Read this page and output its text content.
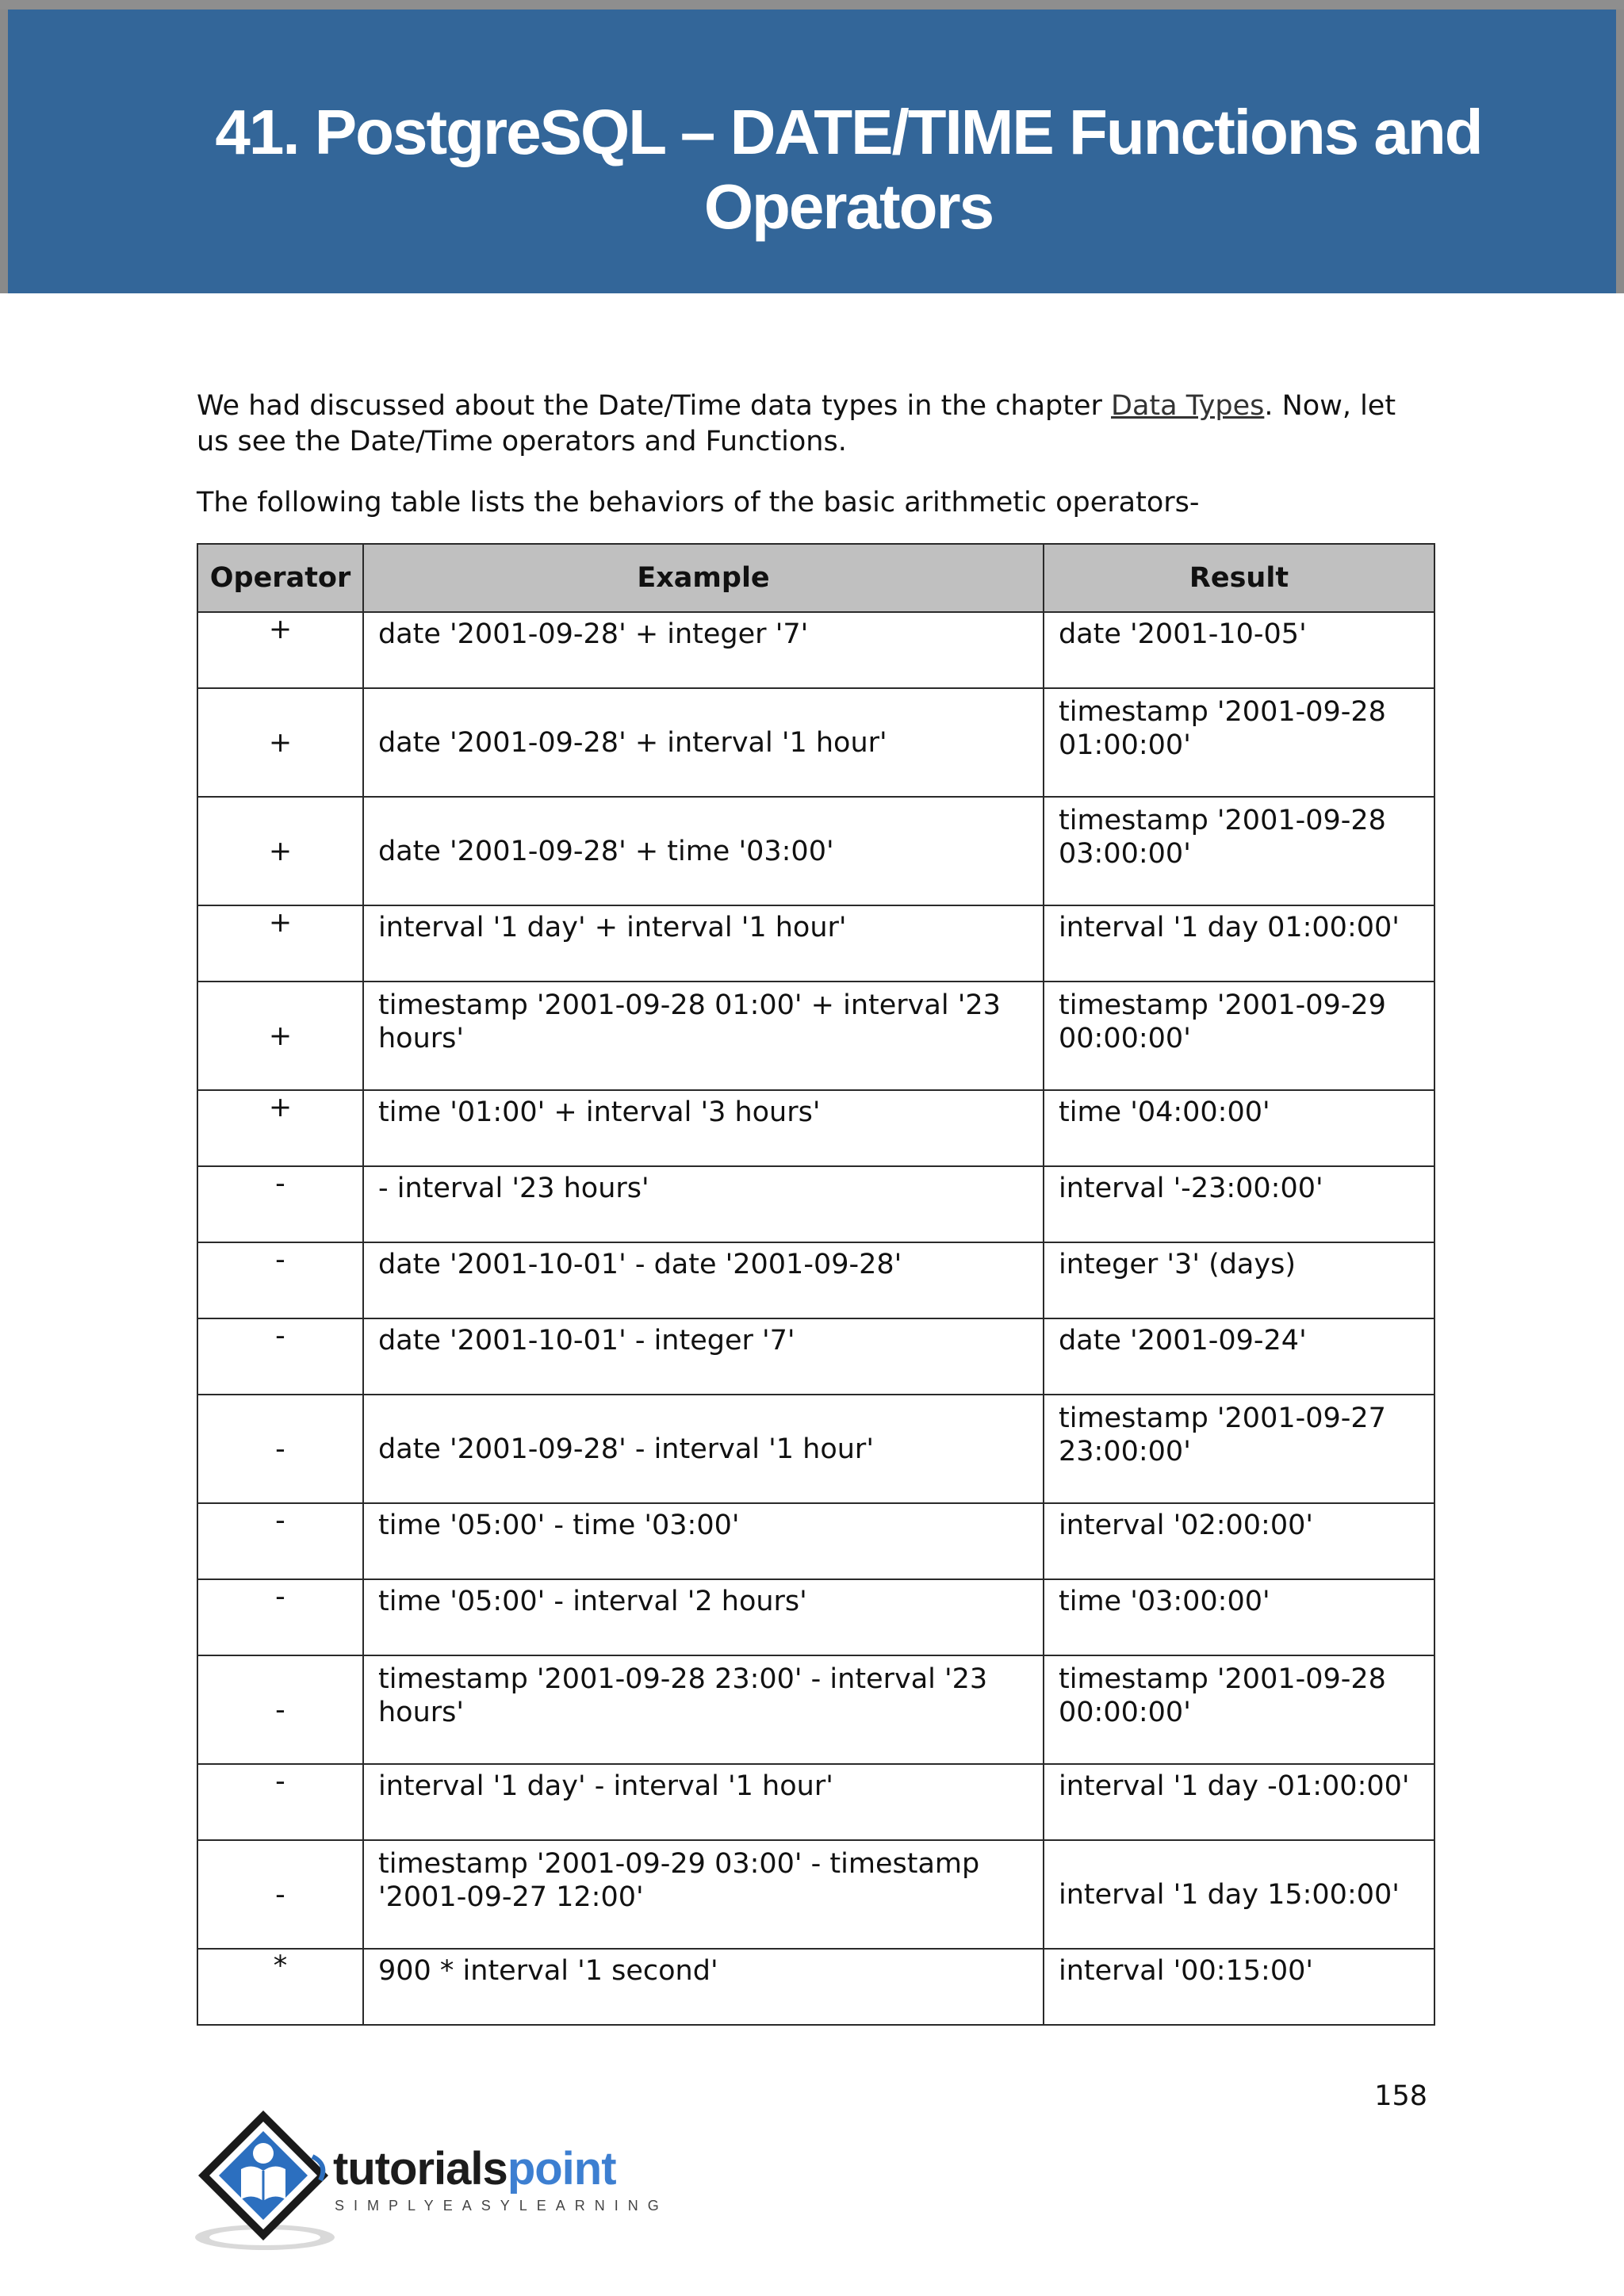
41. PostgreSQL – DATE/TIME Functions and
Operators

We had discussed about the Date/Time data types in the chapter Data Types. Now, let us see the Date/Time operators and Functions.

The following table lists the behaviors of the basic arithmetic operators-

Operator	Example	Result
+	date '2001-09-28' + integer '7'	date '2001-10-05'
+	date '2001-09-28' + interval '1 hour'	timestamp '2001-09-28 01:00:00'
+	date '2001-09-28' + time '03:00'	timestamp '2001-09-28 03:00:00'
+	interval '1 day' + interval '1 hour'	interval '1 day 01:00:00'
+	timestamp '2001-09-28 01:00' + interval '23 hours'	timestamp '2001-09-29 00:00:00'
+	time '01:00' + interval '3 hours'	time '04:00:00'
-	- interval '23 hours'	interval '-23:00:00'
-	date '2001-10-01' - date '2001-09-28'	integer '3' (days)
-	date '2001-10-01' - integer '7'	date '2001-09-24'
-	date '2001-09-28' - interval '1 hour'	timestamp '2001-09-27 23:00:00'
-	time '05:00' - time '03:00'	interval '02:00:00'
-	time '05:00' - interval '2 hours'	time '03:00:00'
-	timestamp '2001-09-28 23:00' - interval '23 hours'	timestamp '2001-09-28 00:00:00'
-	interval '1 day' - interval '1 hour'	interval '1 day -01:00:00'
-	timestamp '2001-09-29 03:00' - timestamp '2001-09-27 12:00'	interval '1 day 15:00:00'
*	900 * interval '1 second'	interval '00:15:00'
158
tutorialspoint
SIMPLYEASYLEARNING
